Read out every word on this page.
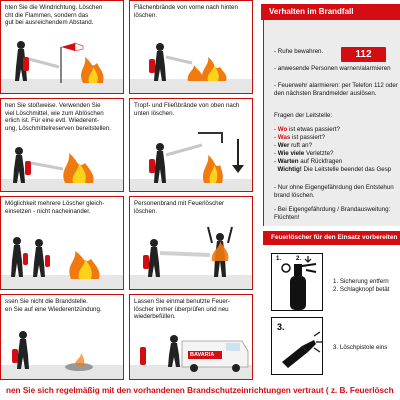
hten Sie die Windrichtung. Löschen
cht die Flammen, sondern das
gut bei ausreichendem Abstand.
Flächenbrände von vorne nach hinten
löschen.
hen Sie stoßweise. Verwenden Sie
viel Löschmittel, wie zum Ablöschen
erlich ist. Für eine evtl. Wiederent-
ung, Löschmittelreserven bereitstellen.
Tropf- und Fließbrände von oben nach
unten löschen.
Möglichkeit mehrere Löscher gleich-
einsetzen - nicht nacheinander.
Personenbrand mit Feuerlöscher
löschen.
ssen Sie nicht die Brandstelle.
en Sie auf eine Wiederentzündung.
Lassen Sie einmal benutzte Feuer-
löscher immer überprüfen und neu
wiederbefüllen.
BAVARIA
Verhalten im Brandfall
112
- Ruhe bewahren.
- anwesende Personen warnen/alarmieren
- Feuerwehr alarmieren: per Telefon 112 oder
den nächsten Brandmelder auslösen.
Fragen der Leitstelle:
- Wo ist etwas passiert?
- Was ist passiert?
- Wer ruft an?
- Wie viele Verletzte?
- Warten auf Rückfragen
Wichtig! Die Leitstelle beendet das Gesp
- Nur ohne Eigengefährdung den Entstehun
brand löschen.
- Bei Eigengefährdung / Brandausweitung:
Flüchten!
Feuerlöscher für den Einsatz vorbereiten
1. 2.
1. Sicherung entfern
2. Schlagknopf betät
3.
3. Löschpistole eins
nen Sie sich regelmäßig mit den vorhandenen Brandschutzeinrichtungen vertraut ( z. B. Feuerlösch
